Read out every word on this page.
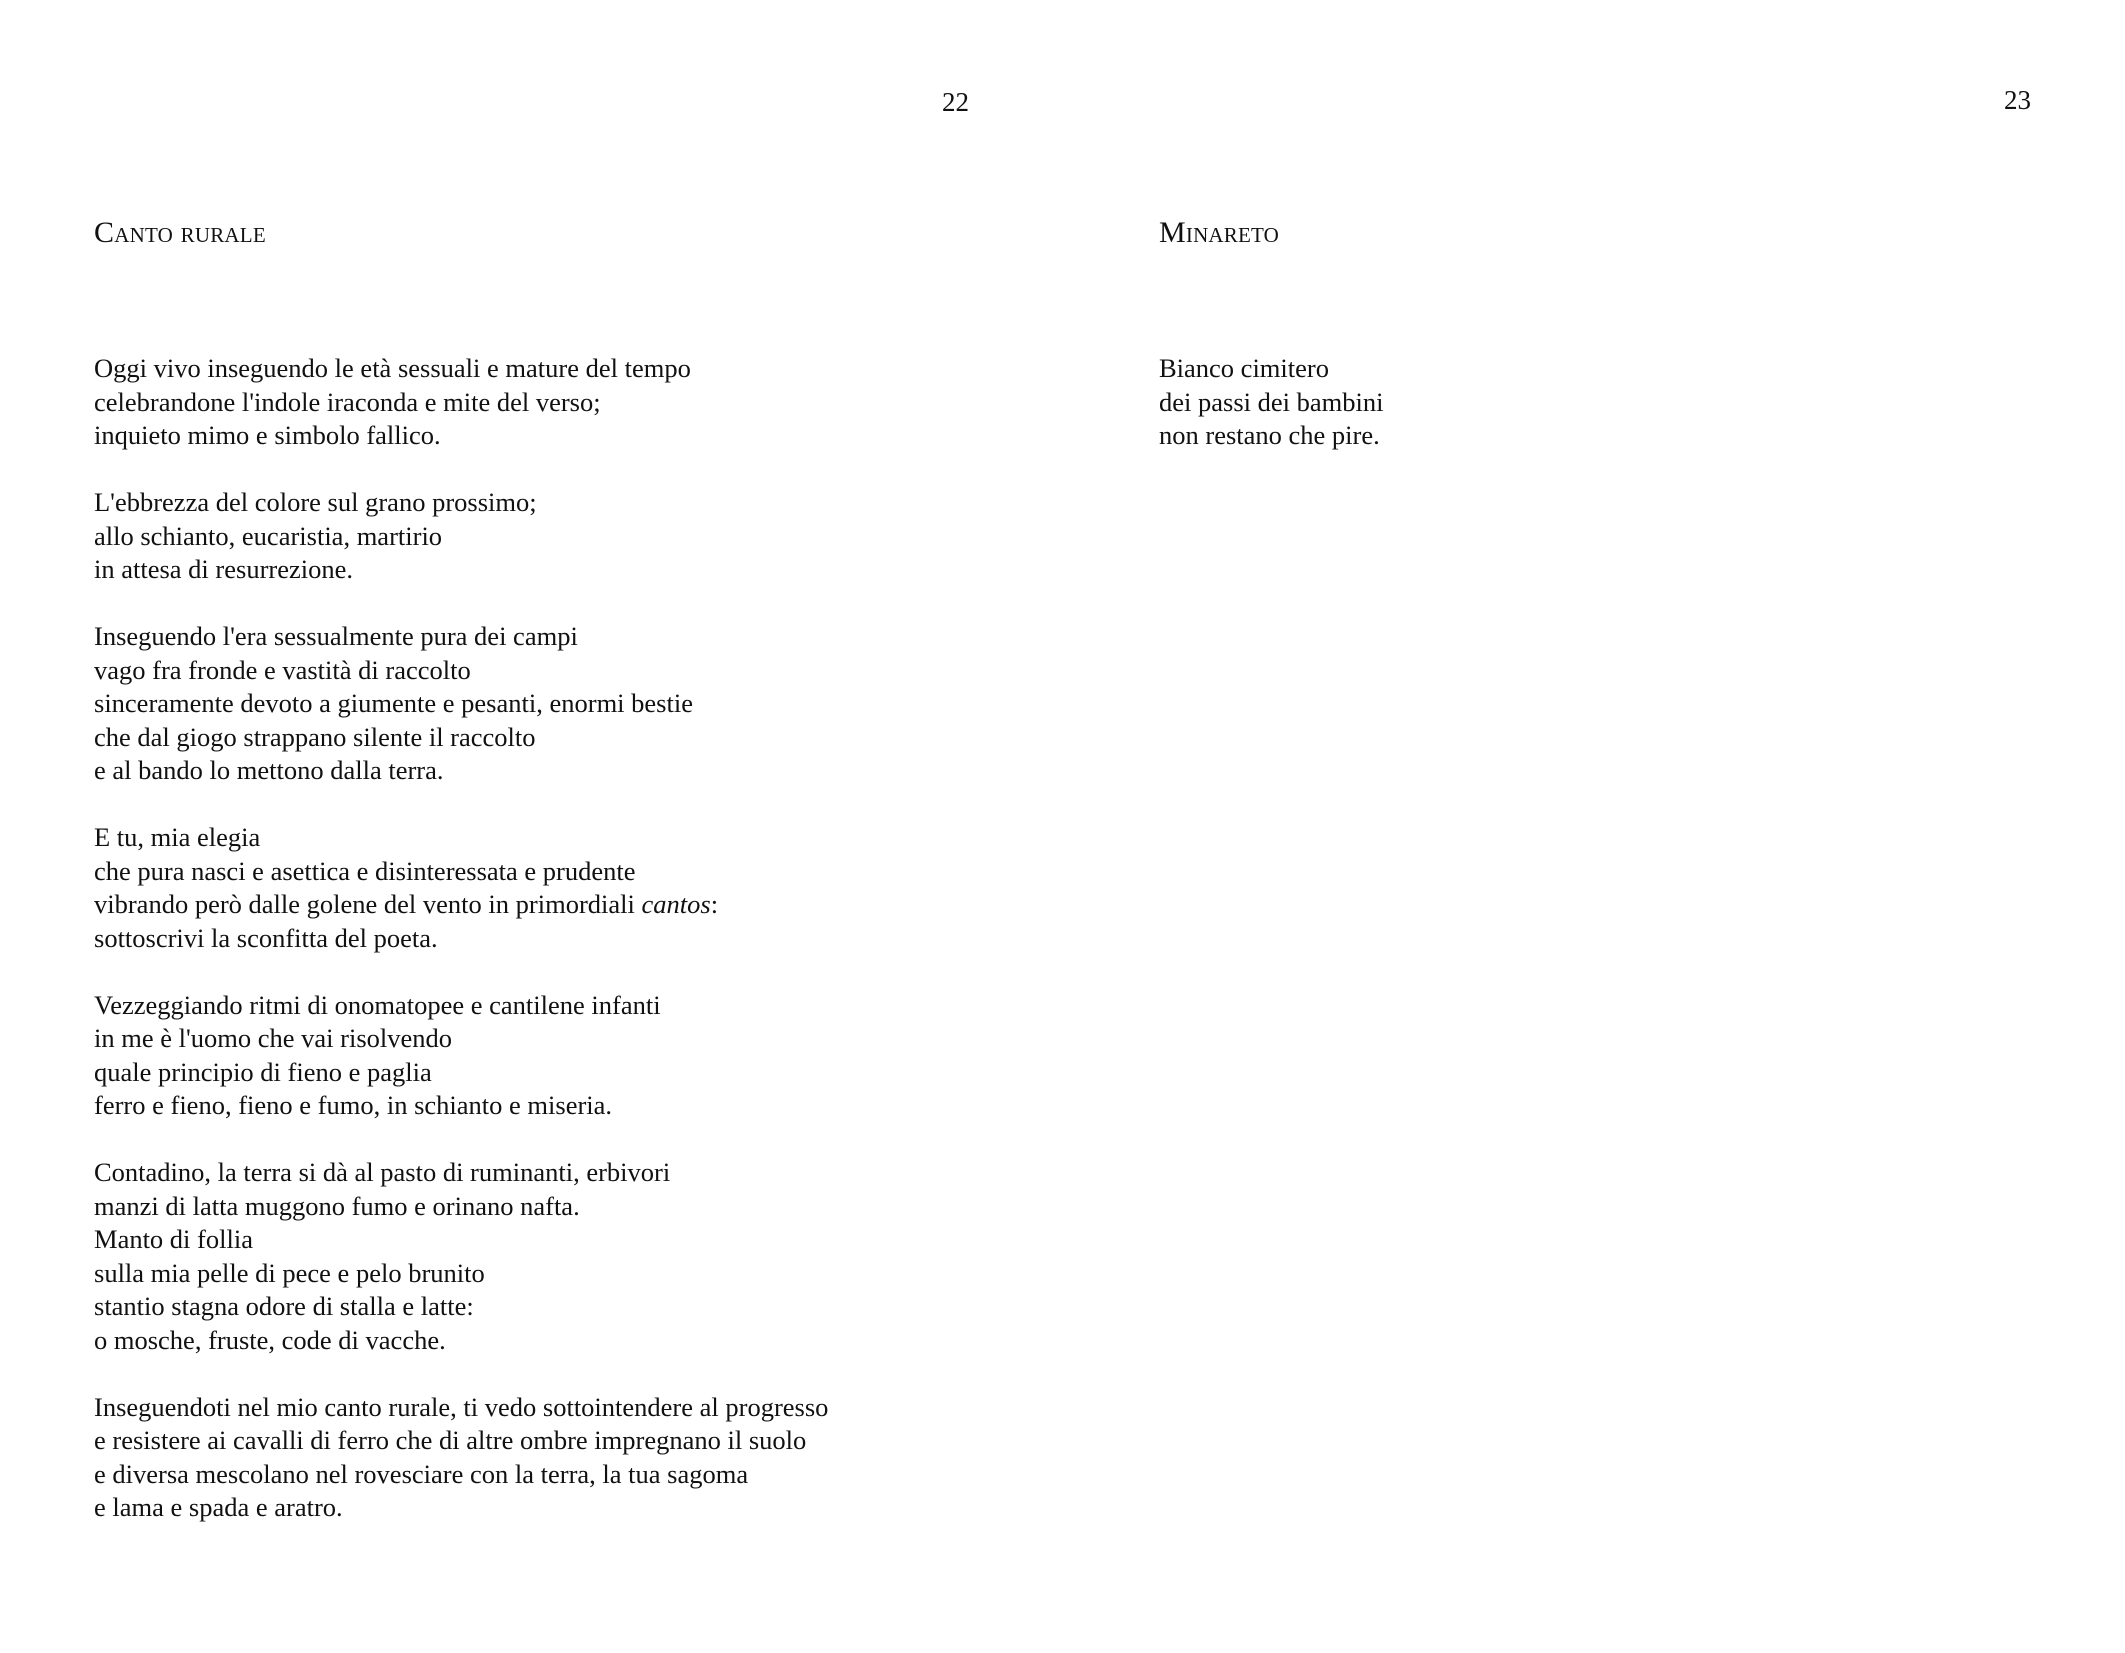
22
Canto rurale

Oggi vivo inseguendo le età sessuali e mature del tempo
celebrandone l'indole iraconda e mite del verso;
inquieto mimo e simbolo fallico.

L'ebbrezza del colore sul grano prossimo;
allo schianto, eucaristia, martirio
in attesa di resurrezione.

Inseguendo l'era sessualmente pura dei campi
vago fra fronde e vastità di raccolto
sinceramente devoto a giumente e pesanti, enormi bestie
che dal giogo strappano silente il raccolto
e al bando lo mettono dalla terra.

E tu, mia elegia
che pura nasci e asettica e disinteressata e prudente
vibrando però dalle golene del vento in primordiali cantos:
sottoscrivi la sconfitta del poeta.

Vezzeggiando ritmi di onomatopee e cantilene infanti
in me è l'uomo che vai risolvendo
quale principio di fieno e paglia
ferro e fieno, fieno e fumo, in schianto e miseria.

Contadino, la terra si dà al pasto di ruminanti, erbivori
manzi di latta muggono fumo e orinano nafta.
Manto di follia
sulla mia pelle di pece e pelo brunito
stantio stagna odore di stalla e latte:
o mosche, fruste, code di vacche.

Inseguendoti nel mio canto rurale, ti vedo sottointendere al progresso
e resistere ai cavalli di ferro che di altre ombre impregnano il suolo
e diversa mescolano nel rovesciare con la terra, la tua sagoma
e lama e spada e aratro.

23
Minareto

Bianco cimitero
dei passi dei bambini
non restano che pire.
